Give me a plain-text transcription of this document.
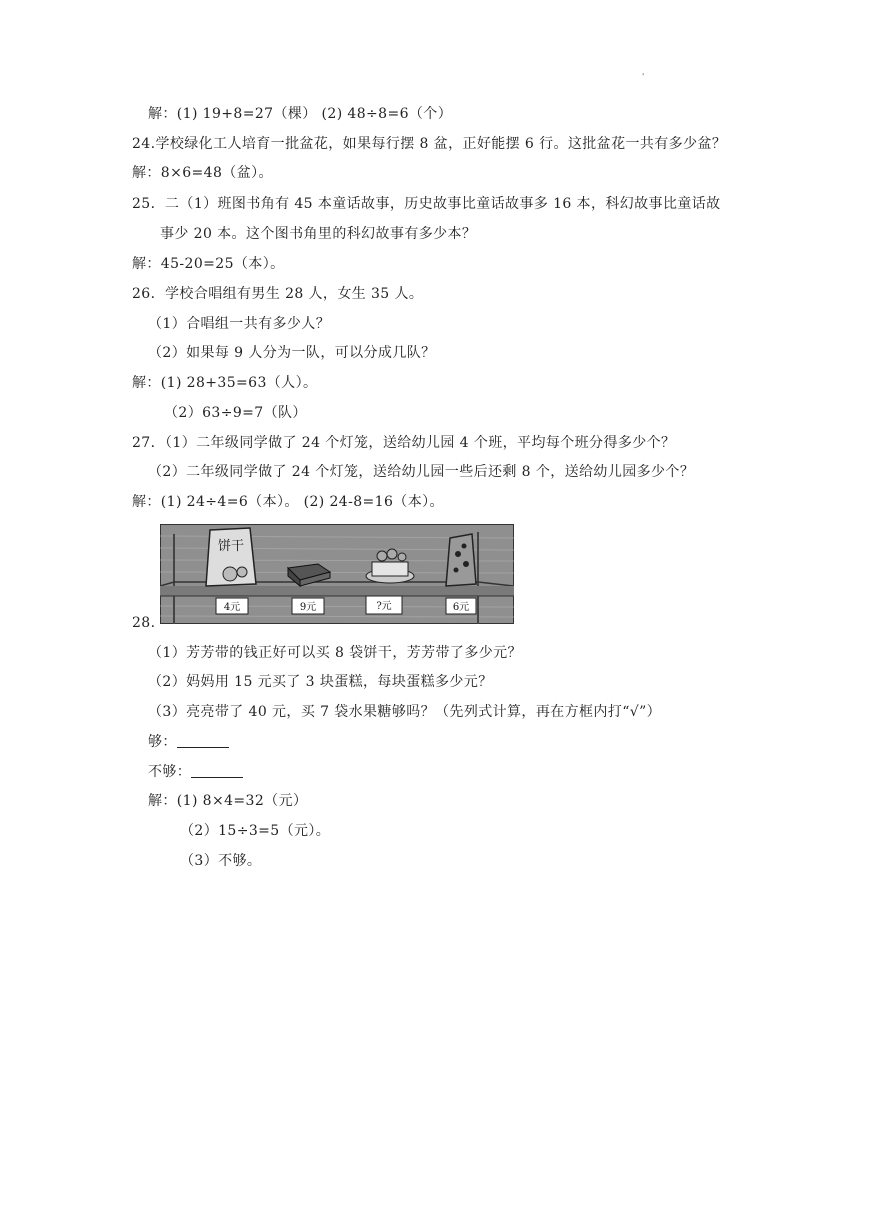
'
解：(1) 19+8=27（棵） (2) 48÷8=6（个）
24.学校绿化工人培育一批盆花，如果每行摆 8 盆，正好能摆 6 行。这批盆花一共有多少盆？
解：8×6=48（盆）。
25．二（1）班图书角有 45 本童话故事，历史故事比童话故事多 16 本，科幻故事比童话故
事少 20 本。这个图书角里的科幻故事有多少本？
解：45-20=25（本）。
26．学校合唱组有男生 28 人，女生 35 人。
（1）合唱组一共有多少人？
（2）如果每 9 人分为一队，可以分成几队？
解：(1) 28+35=63（人）。
（2）63÷9=7（队）
27．（1）二年级同学做了 24 个灯笼，送给幼儿园 4 个班，平均每个班分得多少个？
（2）二年级同学做了 24 个灯笼，送给幼儿园一些后还剩 8 个，送给幼儿园多少个？
解：(1) 24÷4=6（本）。 (2) 24-8=16（本）。
饼干
4元	9元	?元	6元
28.
（1）芳芳带的钱正好可以买 8 袋饼干，芳芳带了多少元？
（2）妈妈用 15 元买了 3 块蛋糕，每块蛋糕多少元？
（3）亮亮带了 40 元，买 7 袋水果糖够吗？（先列式计算，再在方框内打“√”）
够：
不够：
解：(1) 8×4=32（元）
（2）15÷3=5（元）。
（3）不够。
